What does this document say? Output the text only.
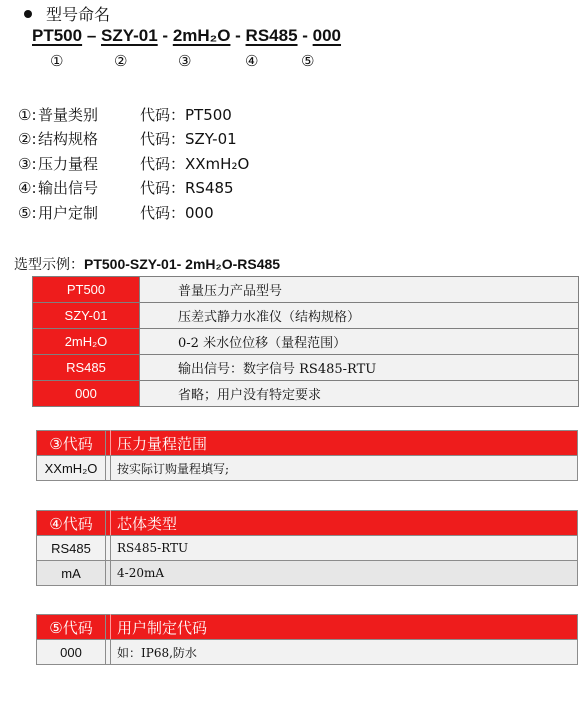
型号命名
PT500 – SZY-01 - 2mH₂O - RS485 - 000
①	②	③	④	⑤
①: 普量类别	代码：PT500
②: 结构规格	代码：SZY-01
③: 压力量程	代码：XXmH₂O
④: 输出信号	代码：RS485
⑤: 用户定制	代码：000
选型示例：PT500-SZY-01- 2mH₂O-RS485
PT500	普量压力产品型号
SZY-01	压差式静力水准仪（结构规格）
2mH₂O	0-2 米水位位移（量程范围）
RS485	输出信号：数字信号 RS485-RTU
000	省略；用户没有特定要求
③代码		压力量程范围
XXmH₂O		按实际订购量程填写;
④代码		芯体类型
RS485		RS485-RTU
mA		4-20mA
⑤代码		用户制定代码
000		如：IP68,防水
